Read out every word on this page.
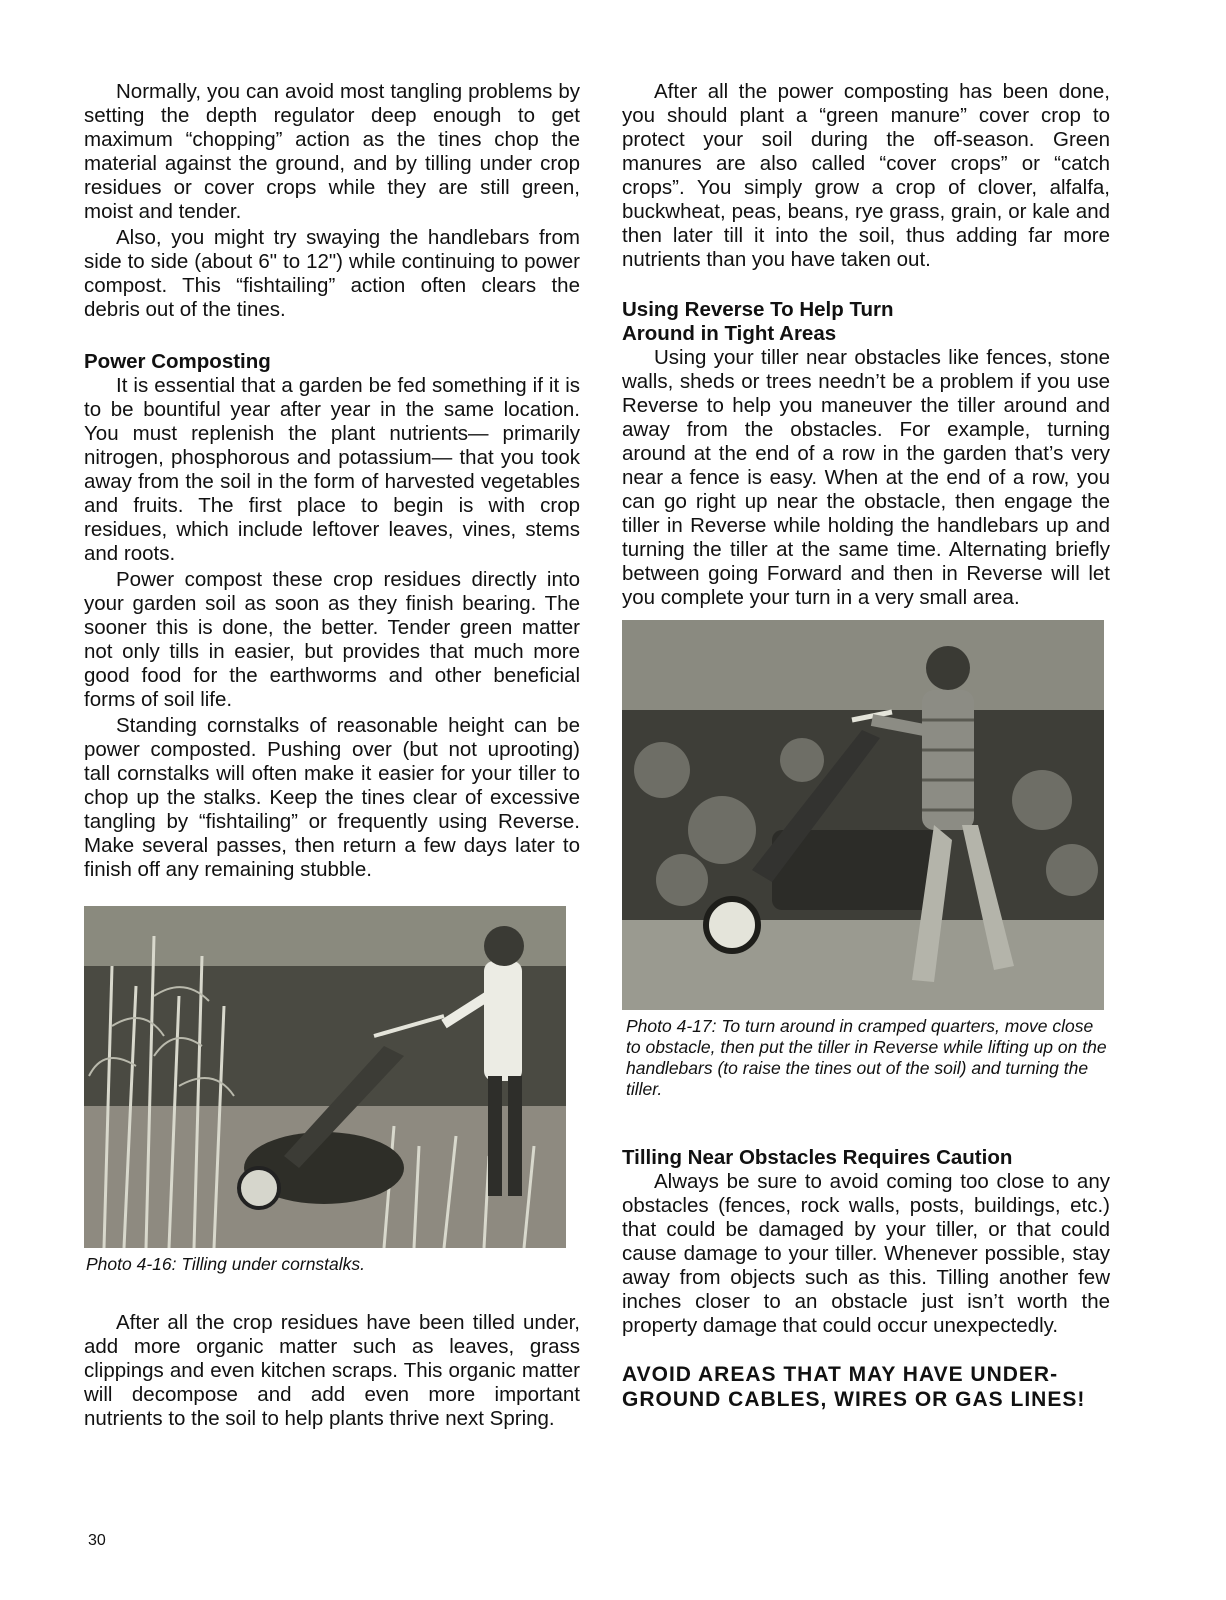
Normally, you can avoid most tangling problems by setting the depth regulator deep enough to get maximum “chopping” action as the tines chop the material against the ground, and by tilling under crop residues or cover crops while they are still green, moist and tender.

Also, you might try swaying the handlebars from side to side (about 6" to 12") while continuing to power compost. This “fishtailing” action often clears the debris out of the tines.

Power Composting

It is essential that a garden be fed something if it is to be bountiful year after year in the same location. You must replenish the plant nutrients— primarily nitrogen, phosphorous and potassium— that you took away from the soil in the form of harvested vegetables and fruits. The first place to begin is with crop residues, which include leftover leaves, vines, stems and roots.

Power compost these crop residues directly into your garden soil as soon as they finish bearing. The sooner this is done, the better. Tender green matter not only tills in easier, but provides that much more good food for the earthworms and other beneficial forms of soil life.

Standing cornstalks of reasonable height can be power composted. Pushing over (but not uprooting) tall cornstalks will often make it easier for your tiller to chop up the stalks. Keep the tines clear of excessive tangling by “fishtailing” or frequently using Reverse. Make several passes, then return a few days later to finish off any remaining stubble.

Photo 4-16: Tilling under cornstalks.

After all the crop residues have been tilled under, add more organic matter such as leaves, grass clippings and even kitchen scraps. This organic matter will decompose and add even more important nutrients to the soil to help plants thrive next Spring.

After all the power composting has been done, you should plant a “green manure” cover crop to protect your soil during the off-season. Green manures are also called “cover crops” or “catch crops”. You simply grow a crop of clover, alfalfa, buckwheat, peas, beans, rye grass, grain, or kale and then later till it into the soil, thus adding far more nutrients than you have taken out.

Using Reverse To Help Turn
Around in Tight Areas

Using your tiller near obstacles like fences, stone walls, sheds or trees needn’t be a problem if you use Reverse to help you maneuver the tiller around and away from the obstacles. For example, turning around at the end of a row in the garden that’s very near a fence is easy. When at the end of a row, you can go right up near the obstacle, then engage the tiller in Reverse while holding the handlebars up and turning the tiller at the same time. Alternating briefly between going Forward and then in Reverse will let you complete your turn in a very small area.

Photo 4-17: To turn around in cramped quarters, move close to obstacle, then put the tiller in Reverse while lifting up on the handlebars (to raise the tines out of the soil) and turning the tiller.

Tilling Near Obstacles Requires Caution

Always be sure to avoid coming too close to any obstacles (fences, rock walls, posts, buildings, etc.) that could be damaged by your tiller, or that could cause damage to your tiller. Whenever possible, stay away from objects such as this. Tilling another few inches closer to an obstacle just isn’t worth the property damage that could occur unexpectedly.

AVOID AREAS THAT MAY HAVE UNDER-
GROUND CABLES, WIRES OR GAS LINES!

30
